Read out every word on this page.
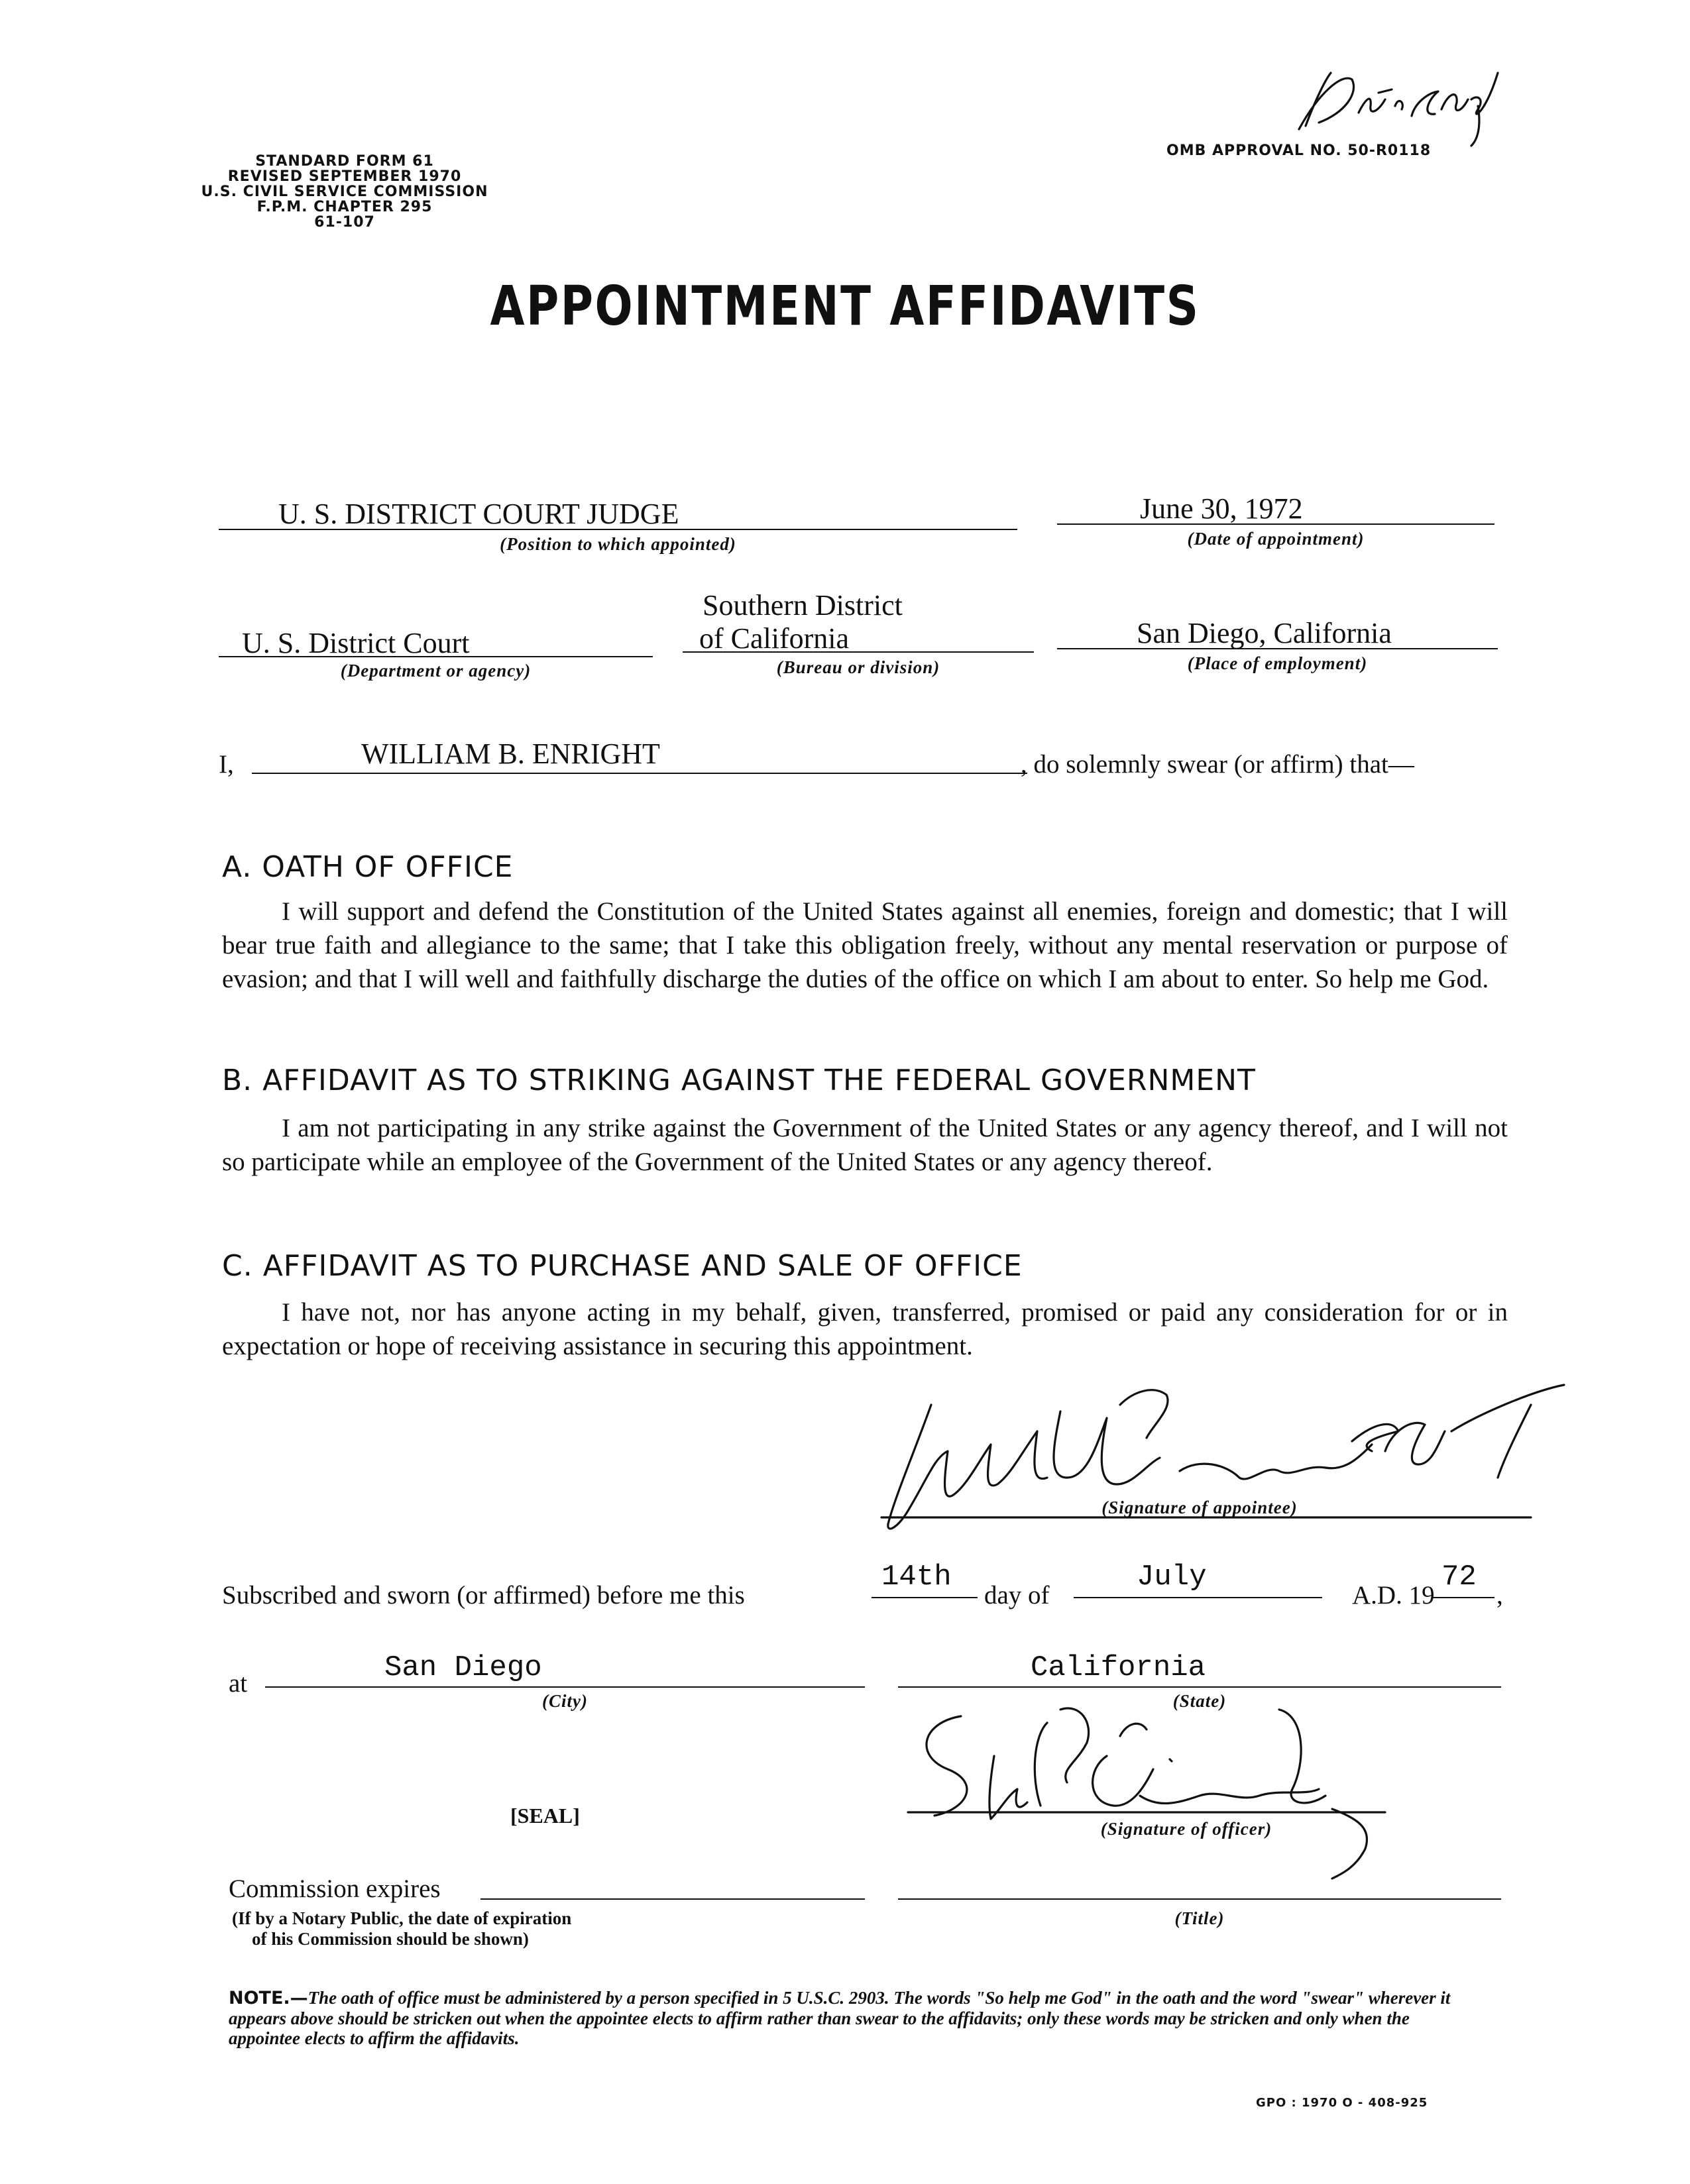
STANDARD FORM 61
REVISED SEPTEMBER 1970
U.S. CIVIL SERVICE COMMISSION
F.P.M. CHAPTER 295
61-107
OMB APPROVAL NO. 50-R0118
APPOINTMENT AFFIDAVITS
U. S. DISTRICT COURT JUDGE
(Position to which appointed)
June 30, 1972
(Date of appointment)
U. S. District Court
(Department or agency)
Southern District
of California
(Bureau or division)
San Diego, California
(Place of employment)
I,	WILLIAM B. ENRIGHT	, do solemnly swear (or affirm) that—
A. OATH OF OFFICE
I will support and defend the Constitution of the United States against all enemies, foreign and domestic; that I will bear true faith and allegiance to the same; that I take this obligation freely, without any mental reservation or purpose of evasion; and that I will well and faithfully discharge the duties of the office on which I am about to enter. So help me God.
B. AFFIDAVIT AS TO STRIKING AGAINST THE FEDERAL GOVERNMENT
I am not participating in any strike against the Government of the United States or any agency thereof, and I will not so participate while an employee of the Government of the United States or any agency thereof.
C. AFFIDAVIT AS TO PURCHASE AND SALE OF OFFICE
I have not, nor has anyone acting in my behalf, given, transferred, promised or paid any consideration for or in expectation or hope of receiving assistance in securing this appointment.
(Signature of appointee)
Subscribed and sworn (or affirmed) before me this
14th
day of
July
A.D. 19
72
,
at	San Diego
(City)
California
(State)
(Signature of officer)
[SEAL]
Commission expires
(If by a Notary Public, the date of expiration
of his Commission should be shown)
(Title)
NOTE.—The oath of office must be administered by a person specified in 5 U.S.C. 2903. The words "So help me God" in the oath and the word "swear" wherever it appears above should be stricken out when the appointee elects to affirm rather than swear to the affidavits; only these words may be stricken and only when the appointee elects to affirm the affidavits.
GPO : 1970 O - 408-925
